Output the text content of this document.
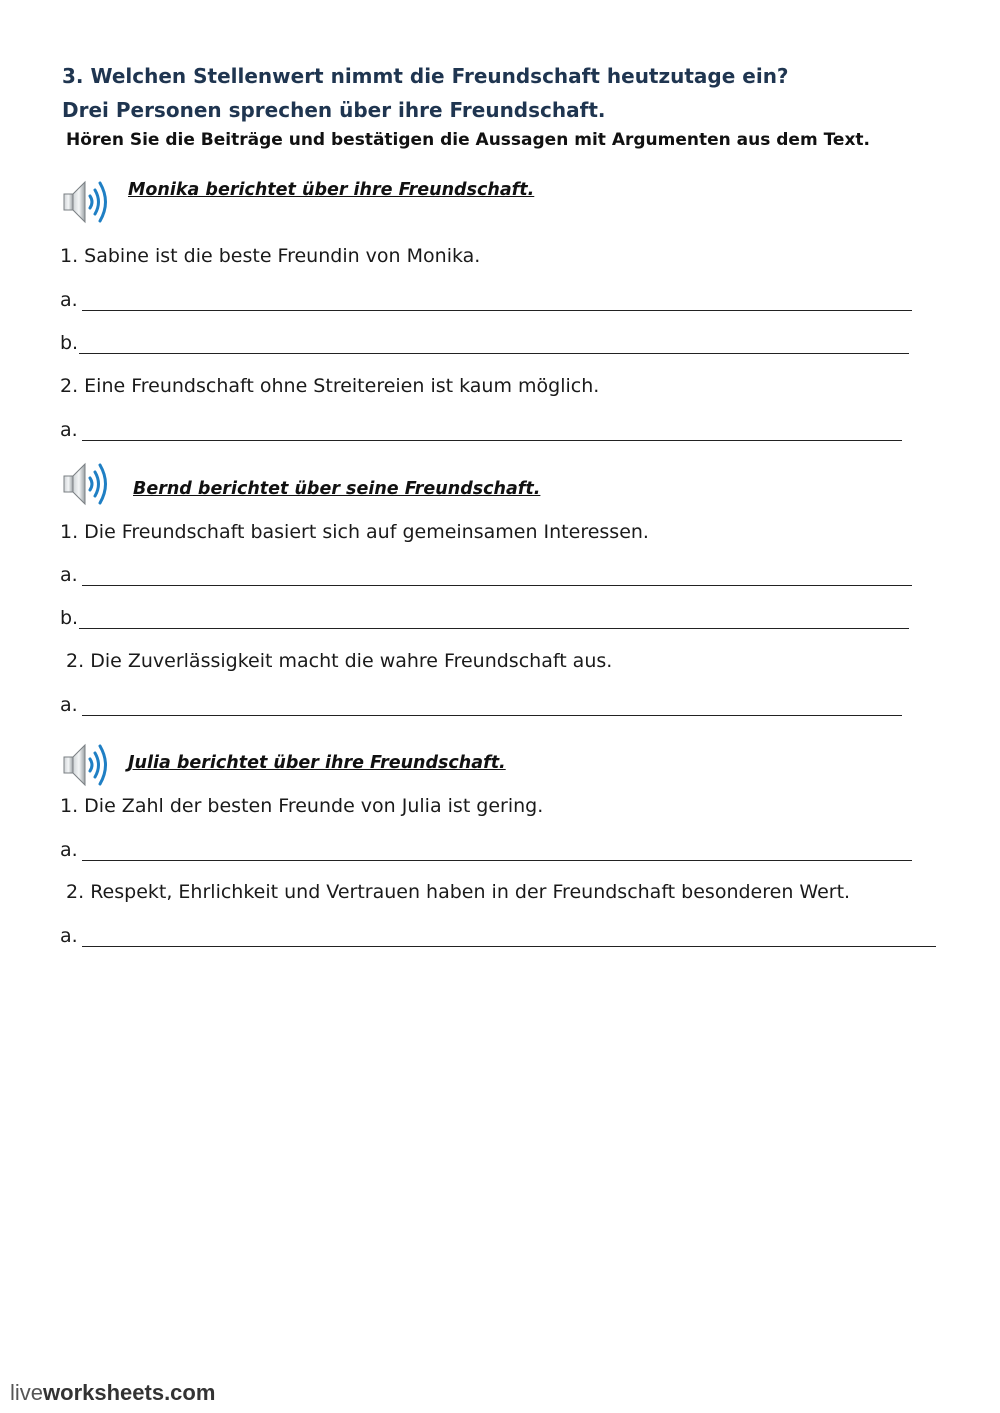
3. Welchen Stellenwert nimmt die Freundschaft heutzutage ein?
Drei Personen sprechen über ihre Freundschaft.
Hören Sie die Beiträge und bestätigen die Aussagen mit Argumenten aus dem Text.
Monika berichtet über ihre Freundschaft.
1. Sabine ist die beste Freundin von Monika.
a.
b.
2. Eine Freundschaft ohne Streitereien ist kaum möglich.
a.
Bernd berichtet über seine Freundschaft.
1. Die Freundschaft basiert sich auf gemeinsamen Interessen.
a.
b.
2. Die Zuverlässigkeit macht die wahre Freundschaft aus.
a.
Julia berichtet über ihre Freundschaft.
1. Die Zahl der besten Freunde von Julia ist gering.
a.
2. Respekt, Ehrlichkeit und Vertrauen haben in der Freundschaft besonderen Wert.
a.
liveworksheets.com
